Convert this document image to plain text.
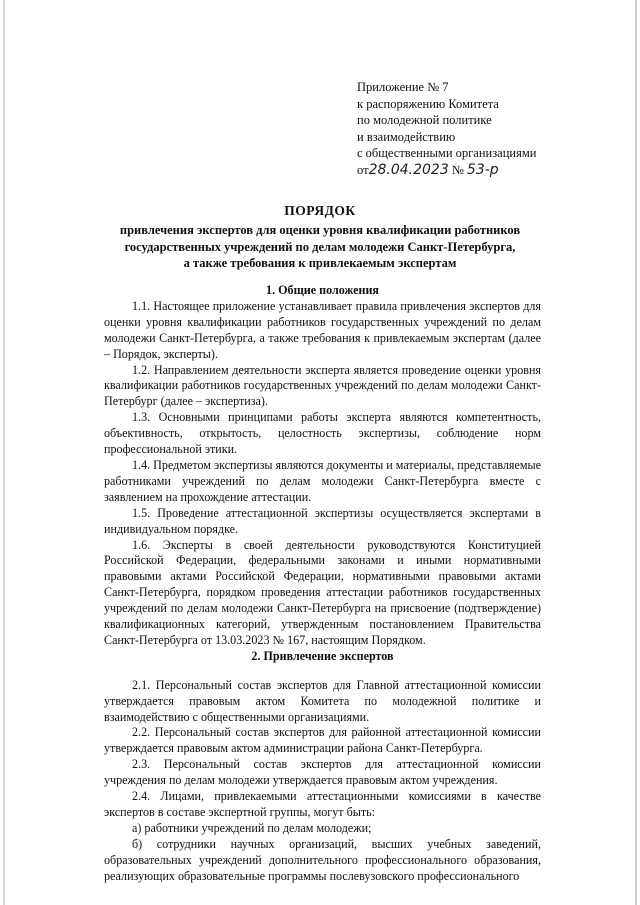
Приложение № 7
к распоряжению Комитета
по молодежной политике
и взаимодействию
с общественными организациями
от28.04.2023 № 53-р
ПОРЯДОК
привлечения экспертов для оценки уровня квалификации работников
государственных учреждений по делам молодежи Санкт-Петербурга,
а также требования к привлекаемым экспертам
1. Общие положения

1.1. Настоящее приложение устанавливает правила привлечения экспертов для оценки уровня квалификации работников государственных учреждений по делам молодежи Санкт-Петербурга, а также требования к привлекаемым экспертам (далее – Порядок, эксперты).

1.2. Направлением деятельности эксперта является проведение оценки уровня квалификации работников государственных учреждений по делам молодежи Санкт-Петербург (далее – экспертиза).

1.3. Основными принципами работы эксперта являются компетентность, объективность, открытость, целостность экспертизы, соблюдение норм профессиональной этики.

1.4. Предметом экспертизы являются документы и материалы, представляемые работниками учреждений по делам молодежи Санкт-Петербурга вместе с заявлением на прохождение аттестации.

1.5. Проведение аттестационной экспертизы осуществляется экспертами в индивидуальном порядке.

1.6. Эксперты в своей деятельности руководствуются Конституцией Российской Федерации, федеральными законами и иными нормативными правовыми актами Российской Федерации, нормативными правовыми актами Санкт-Петербурга, порядком проведения аттестации работников государственных учреждений по делам молодежи Санкт-Петербурга на присвоение (подтверждение) квалификационных категорий, утвержденным постановлением Правительства Санкт-Петербурга от 13.03.2023 № 167, настоящим Порядком.

2. Привлечение экспертов

2.1. Персональный состав экспертов для Главной аттестационной комиссии утверждается правовым актом Комитета по молодежной политике и взаимодействию с общественными организациями.

2.2. Персональный состав экспертов для районной аттестационной комиссии утверждается правовым актом администрации района Санкт-Петербурга.

2.3. Персональный состав экспертов для аттестационной комиссии учреждения по делам молодежи утверждается правовым актом учреждения.

2.4. Лицами, привлекаемыми аттестационными комиссиями в качестве экспертов в составе экспертной группы, могут быть:

а) работники учреждений по делам молодежи;

б) сотрудники научных организаций, высших учебных заведений, образовательных учреждений дополнительного профессионального образования, реализующих образовательные программы послевузовского профессионального
